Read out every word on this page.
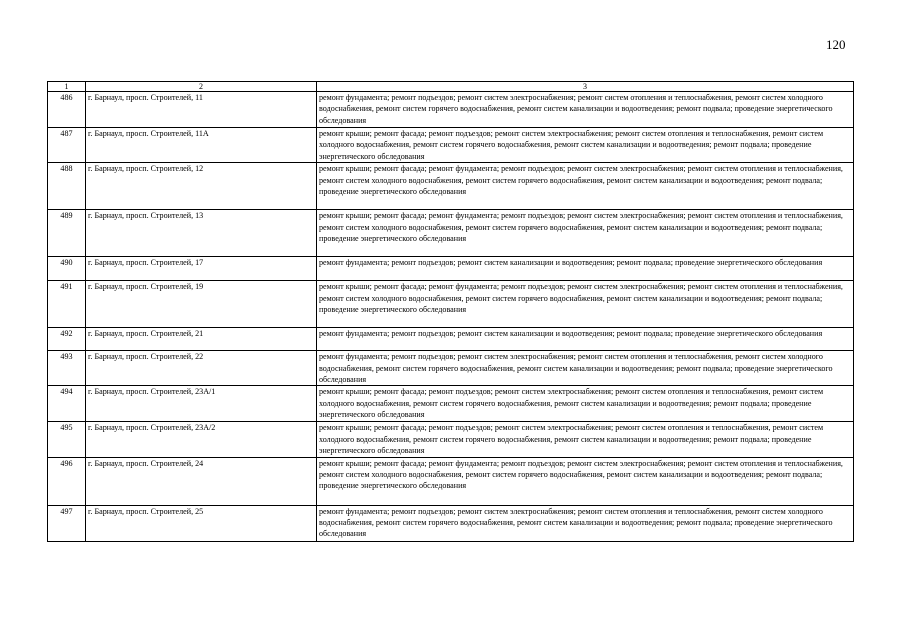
120
1	2	3
486	г. Барнаул, просп. Строителей, 11	ремонт фундамента; ремонт подъездов; ремонт систем электроснабжения; ремонт систем отопления и теплоснабжения, ремонт систем холодного водоснабжения, ремонт систем горячего водоснабжения, ремонт систем канализации и водоотведения; ремонт подвала; проведение энергетического обследования
487	г. Барнаул, просп. Строителей, 11А	ремонт крыши; ремонт фасада; ремонт подъездов; ремонт систем электроснабжения; ремонт систем отопления и теплоснабжения, ремонт систем холодного водоснабжения, ремонт систем горячего водоснабжения, ремонт систем канализации и водоотведения; ремонт подвала; проведение энергетического обследования
488	г. Барнаул, просп. Строителей, 12	ремонт крыши; ремонт фасада; ремонт фундамента; ремонт подъездов; ремонт систем электроснабжения; ремонт систем отопления и теплоснабжения, ремонт систем холодного водоснабжения, ремонт систем горячего водоснабжения, ремонт систем канализации и водоотведения; ремонт подвала; проведение энергетического обследования
489	г. Барнаул, просп. Строителей, 13	ремонт крыши; ремонт фасада; ремонт фундамента; ремонт подъездов; ремонт систем электроснабжения; ремонт систем отопления и теплоснабжения, ремонт систем холодного водоснабжения, ремонт систем горячего водоснабжения, ремонт систем канализации и водоотведения; ремонт подвала; проведение энергетического обследования
490	г. Барнаул, просп. Строителей, 17	ремонт фундамента; ремонт подъездов; ремонт систем канализации и водоотведения; ремонт подвала; проведение энергетического обследования
491	г. Барнаул, просп. Строителей, 19	ремонт крыши; ремонт фасада; ремонт фундамента; ремонт подъездов; ремонт систем электроснабжения; ремонт систем отопления и теплоснабжения, ремонт систем холодного водоснабжения, ремонт систем горячего водоснабжения, ремонт систем канализации и водоотведения; ремонт подвала; проведение энергетического обследования
492	г. Барнаул, просп. Строителей, 21	ремонт фундамента; ремонт подъездов; ремонт систем канализации и водоотведения; ремонт подвала; проведение энергетического обследования
493	г. Барнаул, просп. Строителей, 22	ремонт фундамента; ремонт подъездов; ремонт систем электроснабжения; ремонт систем отопления и теплоснабжения, ремонт систем холодного водоснабжения, ремонт систем горячего водоснабжения, ремонт систем канализации и водоотведения; ремонт подвала; проведение энергетического обследования
494	г. Барнаул, просп. Строителей, 23А/1	ремонт крыши; ремонт фасада; ремонт подъездов; ремонт систем электроснабжения; ремонт систем отопления и теплоснабжения, ремонт систем холодного водоснабжения, ремонт систем горячего водоснабжения, ремонт систем канализации и водоотведения; ремонт подвала; проведение энергетического обследования
495	г. Барнаул, просп. Строителей, 23А/2	ремонт крыши; ремонт фасада; ремонт подъездов; ремонт систем электроснабжения; ремонт систем отопления и теплоснабжения, ремонт систем холодного водоснабжения, ремонт систем горячего водоснабжения, ремонт систем канализации и водоотведения; ремонт подвала; проведение энергетического обследования
496	г. Барнаул, просп. Строителей, 24	ремонт крыши; ремонт фасада; ремонт фундамента; ремонт подъездов; ремонт систем электроснабжения; ремонт систем отопления и теплоснабжения, ремонт систем холодного водоснабжения, ремонт систем горячего водоснабжения, ремонт систем канализации и водоотведения; ремонт подвала; проведение энергетического обследования
497	г. Барнаул, просп. Строителей, 25	ремонт фундамента; ремонт подъездов; ремонт систем электроснабжения; ремонт систем отопления и теплоснабжения, ремонт систем холодного водоснабжения, ремонт систем горячего водоснабжения, ремонт систем канализации и водоотведения; ремонт подвала; проведение энергетического обследования
